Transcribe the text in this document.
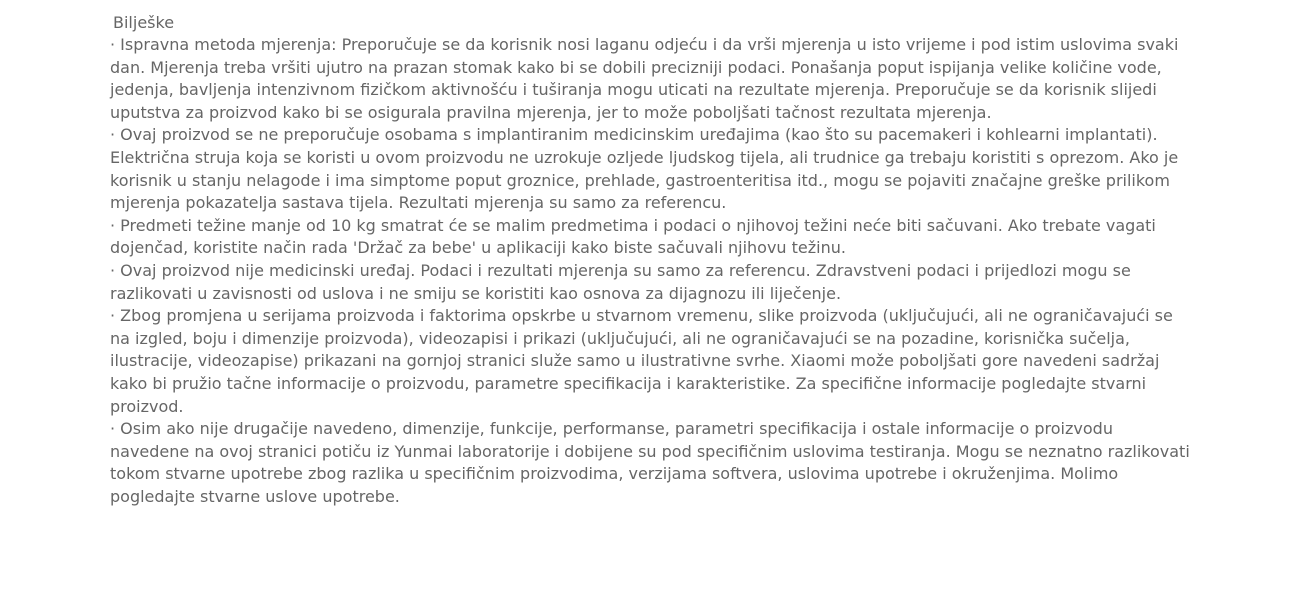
Bilješke
· Ispravna metoda mjerenja: Preporučuje se da korisnik nosi laganu odjeću i da vrši mjerenja u isto vrijeme i pod istim uslovima svaki dan. Mjerenja treba vršiti ujutro na prazan stomak kako bi se dobili precizniji podaci. Ponašanja poput ispijanja velike količine vode, jedenja, bavljenja intenzivnom fizičkom aktivnošću i tuširanja mogu uticati na rezultate mjerenja. Preporučuje se da korisnik slijedi uputstva za proizvod kako bi se osigurala pravilna mjerenja, jer to može poboljšati tačnost rezultata mjerenja.
· Ovaj proizvod se ne preporučuje osobama s implantiranim medicinskim uređajima (kao što su pacemakeri i kohlearni implantati). Električna struja koja se koristi u ovom proizvodu ne uzrokuje ozljede ljudskog tijela, ali trudnice ga trebaju koristiti s oprezom. Ako je korisnik u stanju nelagode i ima simptome poput groznice, prehlade, gastroenteritisa itd., mogu se pojaviti značajne greške prilikom mjerenja pokazatelja sastava tijela. Rezultati mjerenja su samo za referencu.
· Predmeti težine manje od 10 kg smatrat će se malim predmetima i podaci o njihovoj težini neće biti sačuvani. Ako trebate vagati dojenčad, koristite način rada 'Držač za bebe' u aplikaciji kako biste sačuvali njihovu težinu.
· Ovaj proizvod nije medicinski uređaj. Podaci i rezultati mjerenja su samo za referencu. Zdravstveni podaci i prijedlozi mogu se razlikovati u zavisnosti od uslova i ne smiju se koristiti kao osnova za dijagnozu ili liječenje.
· Zbog promjena u serijama proizvoda i faktorima opskrbe u stvarnom vremenu, slike proizvoda (uključujući, ali ne ograničavajući se na izgled, boju i dimenzije proizvoda), videozapisi i prikazi (uključujući, ali ne ograničavajući se na pozadine, korisnička sučelja, ilustracije, videozapise) prikazani na gornjoj stranici služe samo u ilustrativne svrhe. Xiaomi može poboljšati gore navedeni sadržaj kako bi pružio tačne informacije o proizvodu, parametre specifikacija i karakteristike. Za specifične informacije pogledajte stvarni proizvod.
· Osim ako nije drugačije navedeno, dimenzije, funkcije, performanse, parametri specifikacija i ostale informacije o proizvodu navedene na ovoj stranici potiču iz Yunmai laboratorije i dobijene su pod specifičnim uslovima testiranja. Mogu se neznatno razlikovati tokom stvarne upotrebe zbog razlika u specifičnim proizvodima, verzijama softvera, uslovima upotrebe i okruženjima. Molimo pogledajte stvarne uslove upotrebe.
